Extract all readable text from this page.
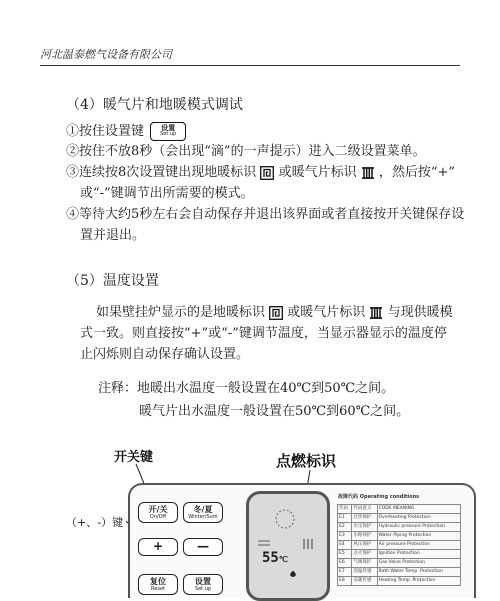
河北温泰燃气设备有限公司
（4）暖气片和地暖模式调试
①按住设置键	设置
Set up
②按住不放8秒（会出现“滴”的一声提示）进入二级设置菜单。
③连续按8次设置键出现地暖标识 或暖气片标识 ，然后按“+”
或“-”键调节出所需要的模式。
④等待大约5秒左右会自动保存并退出该界面或者直接按开关键保存设
置并退出。
（5）温度设置
如果壁挂炉显示的是地暖标识 或暖气片标识 与现供暖模
式一致。则直接按“+”或“-”键调节温度，当显示器显示的温度停
止闪烁则自动保存确认设置。
注释：地暖出水温度一般设置在40℃到50℃之间。
暖气片出水温度一般设置在50℃到60℃之间。
开关键	点燃标识
（+、-）键
开/关
On/Off
冬/夏
Winter/Sum
+	—
复位
Reset
设置
Set up
55℃
故障代码 Operating conditions
代码	代码意义	CODE MEANING
E1	过热保护	Overheating Protection
E2	水压保护	Hydraulic pressure Protection
E3	水路保护	Water Piping Protection
E4	风压保护	Air pressure Protection
E5	点火保护	Ignition Protection
E6	气阀保护	Gas Valve Protection
E7	浴温传感	Bath Water Temp. Protection
E8	采暖传感	Heating Temp. Protection
